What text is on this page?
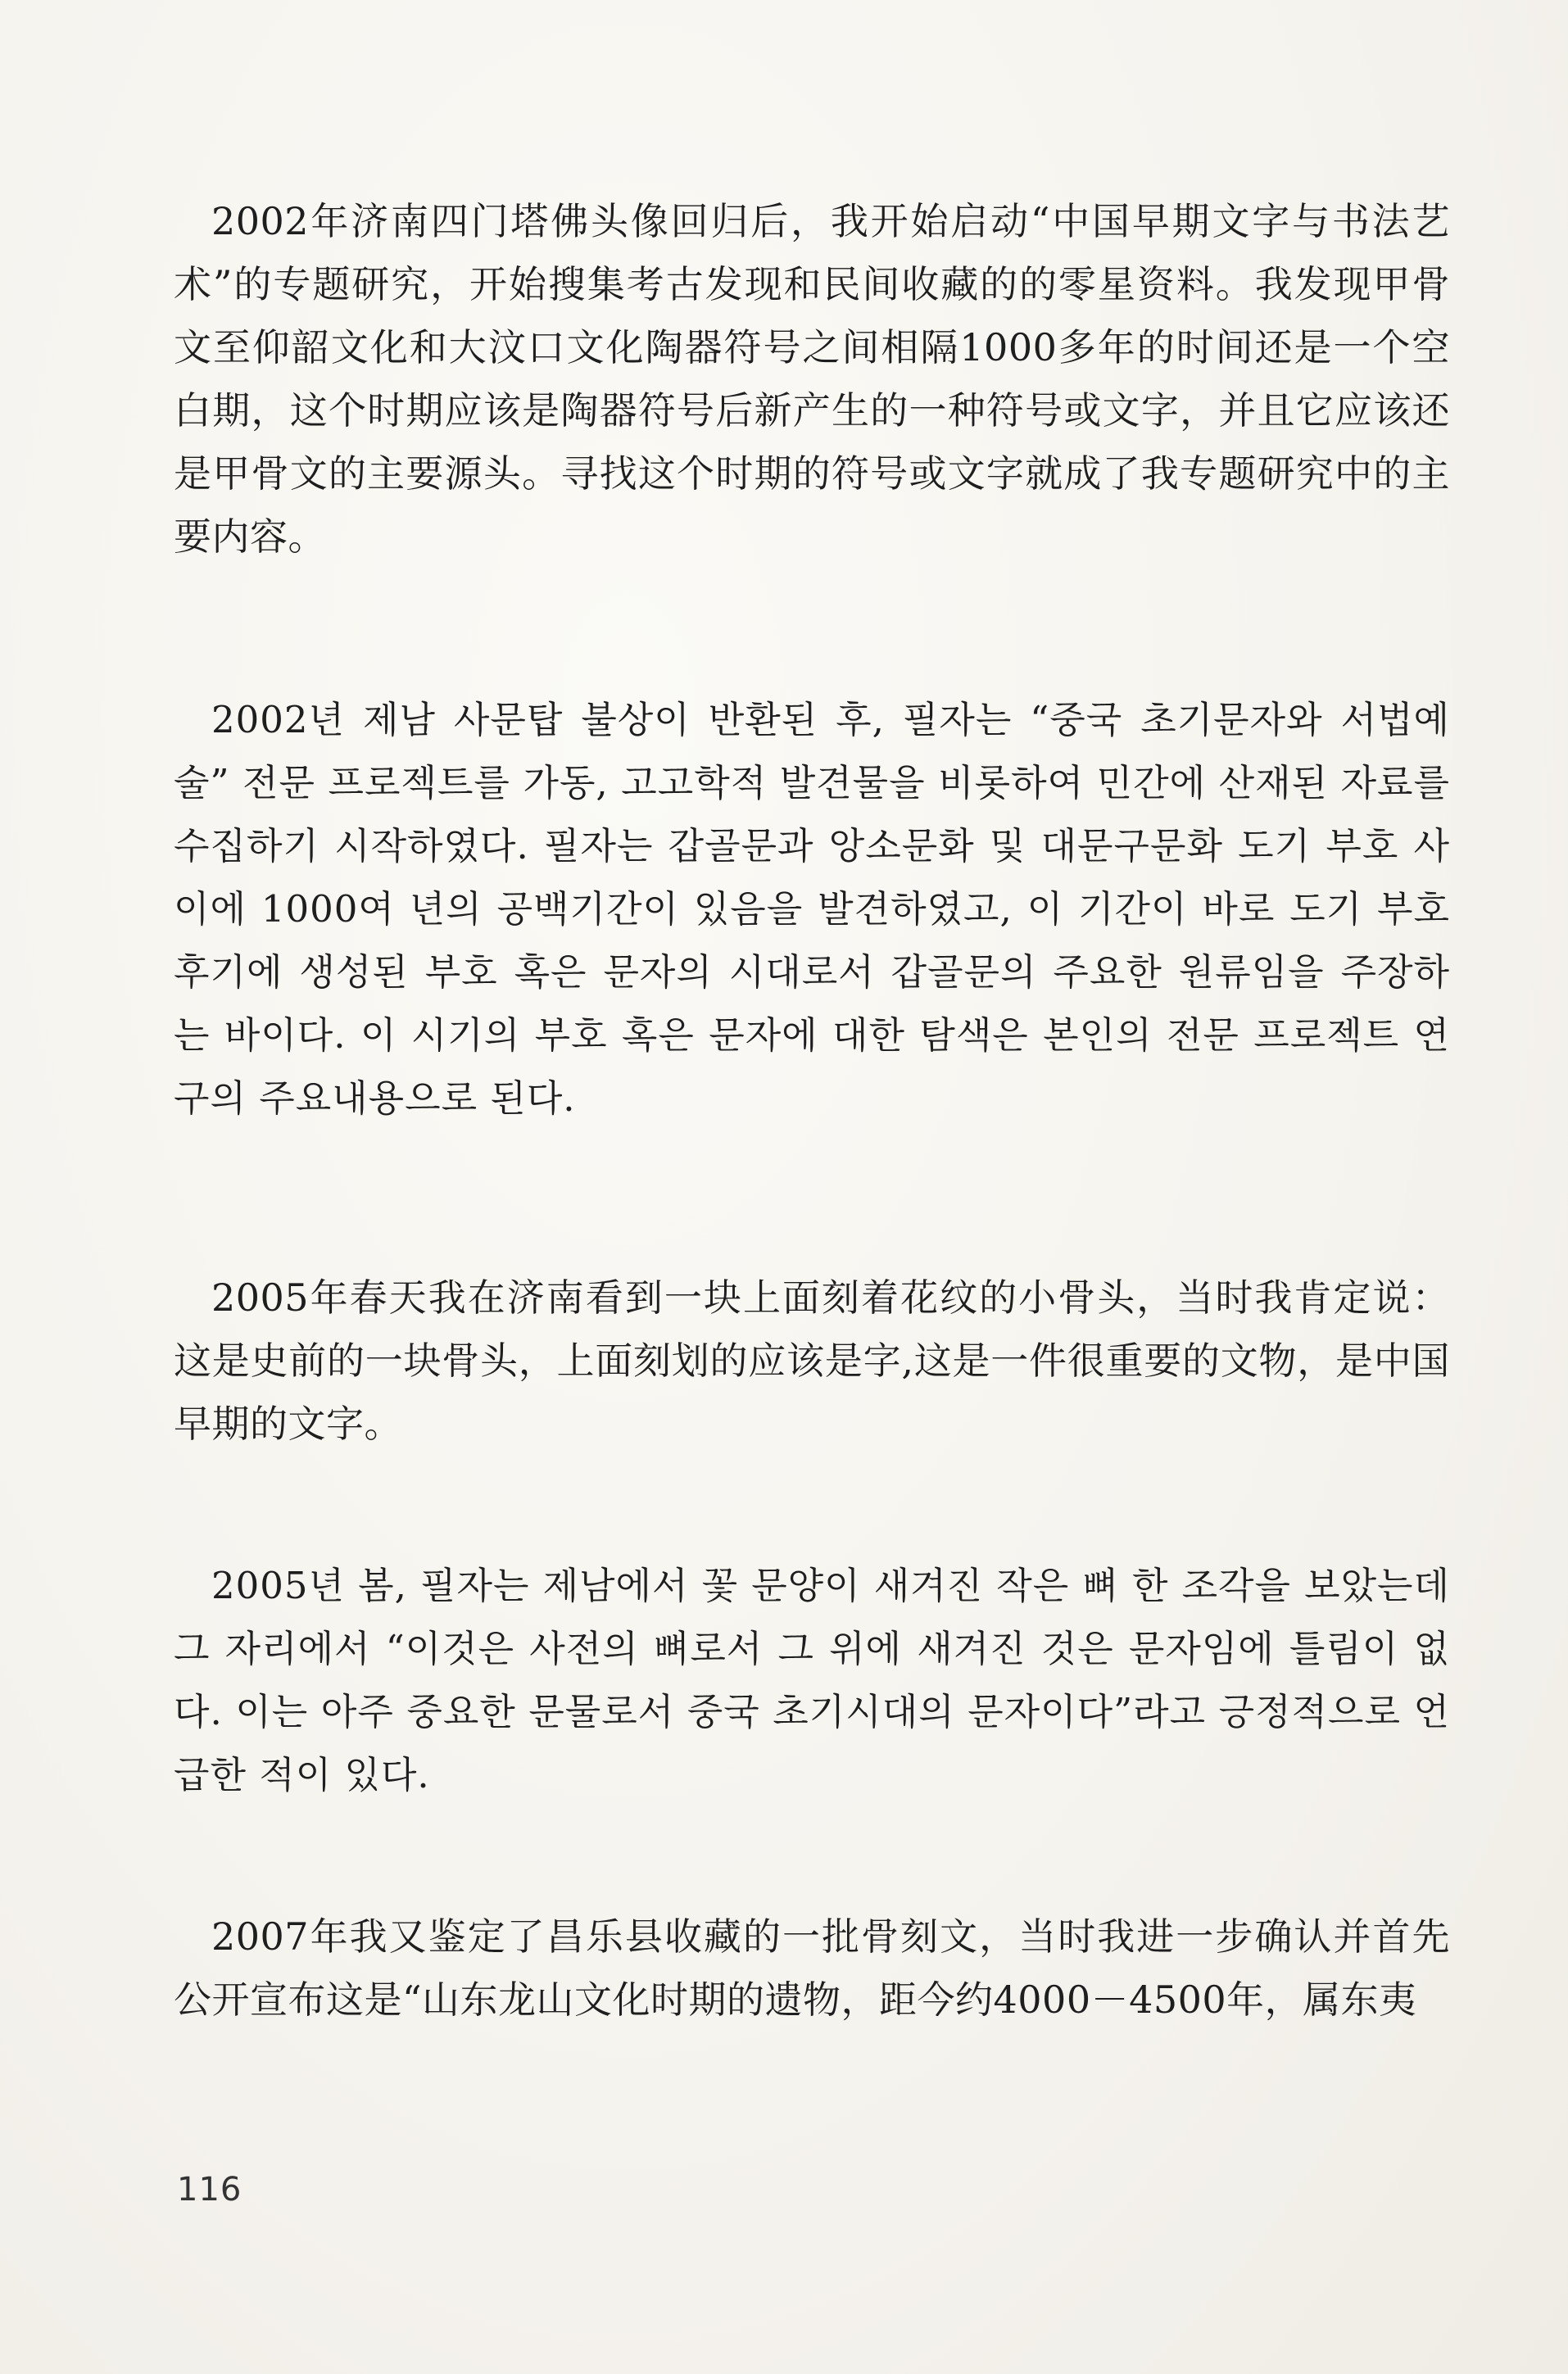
2002年济南四门塔佛头像回归后，我开始启动“中国早期文字与书法艺术”的专题研究，开始搜集考古发现和民间收藏的的零星资料。我发现甲骨文至仰韶文化和大汶口文化陶器符号之间相隔1000多年的时间还是一个空白期，这个时期应该是陶器符号后新产生的一种符号或文字，并且它应该还是甲骨文的主要源头。寻找这个时期的符号或文字就成了我专题研究中的主要内容。

2002년 제남 사문탑 불상이 반환된 후, 필자는 “중국 초기문자와 서법예술” 전문 프로젝트를 가동, 고고학적 발견물을 비롯하여 민간에 산재된 자료를 수집하기 시작하였다. 필자는 갑골문과 앙소문화 및 대문구문화 도기 부호 사이에 1000여 년의 공백기간이 있음을 발견하였고, 이 기간이 바로 도기 부호 후기에 생성된 부호 혹은 문자의 시대로서 갑골문의 주요한 원류임을 주장하는 바이다. 이 시기의 부호 혹은 문자에 대한 탐색은 본인의 전문 프로젝트 연구의 주요내용으로 된다.

2005年春天我在济南看到一块上面刻着花纹的小骨头，当时我肯定说：这是史前的一块骨头，上面刻划的应该是字,这是一件很重要的文物，是中国早期的文字。

2005년 봄, 필자는 제남에서 꽃 문양이 새겨진 작은 뼈 한 조각을 보았는데 그 자리에서 “이것은 사전의 뼈로서 그 위에 새겨진 것은 문자임에 틀림이 없다. 이는 아주 중요한 문물로서 중국 초기시대의 문자이다”라고 긍정적으로 언급한 적이 있다.

2007年我又鉴定了昌乐县收藏的一批骨刻文，当时我进一步确认并首先公开宣布这是“山东龙山文化时期的遗物，距今约4000－4500年，属东夷

116
